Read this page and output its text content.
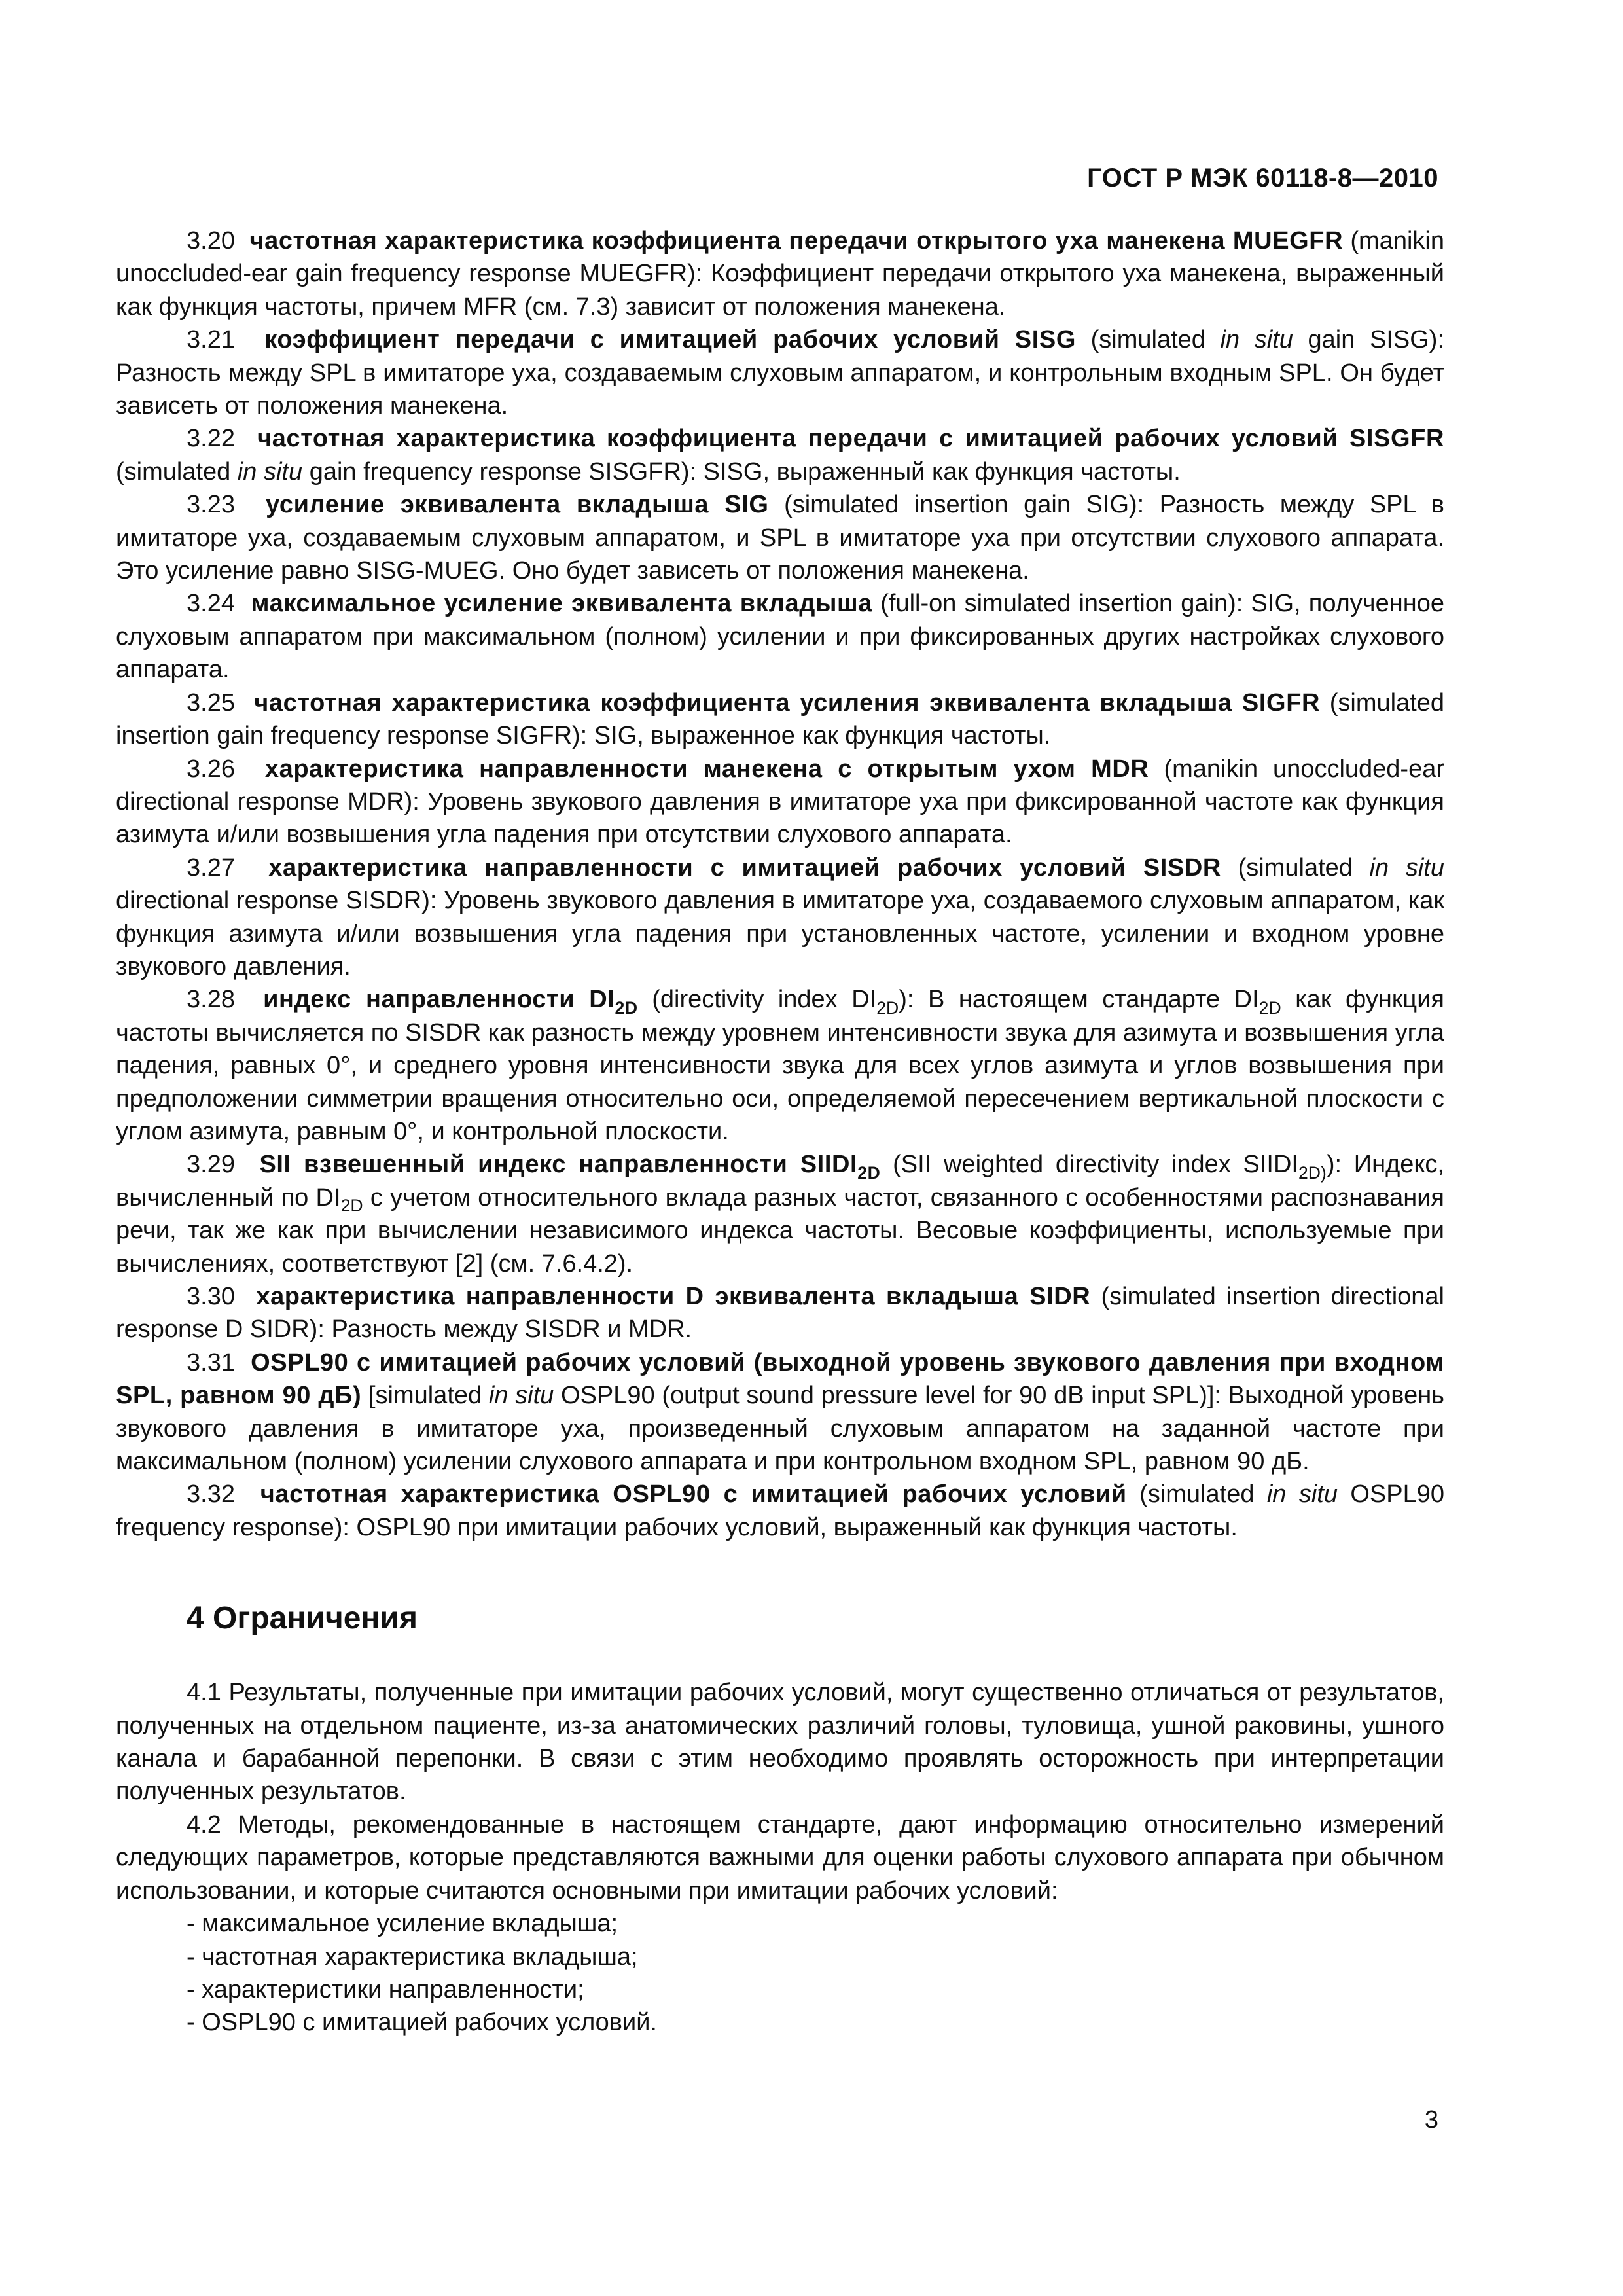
ГОСТ Р МЭК 60118-8—2010

3.20 частотная характеристика коэффициента передачи открытого уха манекена MUEGFR (manikin unoccluded-ear gain frequency response MUEGFR): Коэффициент передачи открытого уха манекена, выраженный как функция частоты, причем MFR (см. 7.3) зависит от положения манекена.

3.21 коэффициент передачи с имитацией рабочих условий SISG (simulated in situ gain SISG): Разность между SPL в имитаторе уха, создаваемым слуховым аппаратом, и контрольным входным SPL. Он будет зависеть от положения манекена.

3.22 частотная характеристика коэффициента передачи с имитацией рабочих условий SISGFR (simulated in situ gain frequency response SISGFR): SISG, выраженный как функция частоты.

3.23 усиление эквивалента вкладыша SIG (simulated insertion gain SIG): Разность между SPL в имитаторе уха, создаваемым слуховым аппаратом, и SPL в имитаторе уха при отсутствии слухового аппарата. Это усиление равно SISG-MUEG. Оно будет зависеть от положения манекена.

3.24 максимальное усиление эквивалента вкладыша (full-on simulated insertion gain): SIG, полученное слуховым аппаратом при максимальном (полном) усилении и при фиксированных других настройках слухового аппарата.

3.25 частотная характеристика коэффициента усиления эквивалента вкладыша SIGFR (simulated insertion gain frequency response SIGFR): SIG, выраженное как функция частоты.

3.26 характеристика направленности манекена с открытым ухом MDR (manikin unoccluded-ear directional response MDR): Уровень звукового давления в имитаторе уха при фиксированной частоте как функция азимута и/или возвышения угла падения при отсутствии слухового аппарата.

3.27 характеристика направленности с имитацией рабочих условий SISDR (simulated in situ directional response SISDR): Уровень звукового давления в имитаторе уха, создаваемого слуховым аппаратом, как функция азимута и/или возвышения угла падения при установленных частоте, усилении и входном уровне звукового давления.

3.28 индекс направленности $DI_{2D}$ (directivity index $DI_{2D}$): В настоящем стандарте $DI_{2D}$ как функция частоты вычисляется по SISDR как разность между уровнем интенсивности звука для азимута и возвышения угла падения, равных 0°, и среднего уровня интенсивности звука для всех углов азимута и углов возвышения при предположении симметрии вращения относительно оси, определяемой пересечением вертикальной плоскости с углом азимута, равным 0°, и контрольной плоскости.

3.29 SII взвешенный индекс направленности $SIIDI_{2D}$ (SII weighted directivity index $SIIDI_{2D)}$): Индекс, вычисленный по $DI_{2D}$ с учетом относительного вклада разных частот, связанного с особенностями распознавания речи, так же как при вычислении независимого индекса частоты. Весовые коэффициенты, используемые при вычислениях, соответствуют [2] (см. 7.6.4.2).

3.30 характеристика направленности D эквивалента вкладыша SIDR (simulated insertion directional response D SIDR): Разность между SISDR и MDR.

3.31 OSPL90 с имитацией рабочих условий (выходной уровень звукового давления при входном SPL, равном 90 дБ) [simulated in situ OSPL90 (output sound pressure level for 90 dB input SPL)]: Выходной уровень звукового давления в имитаторе уха, произведенный слуховым аппаратом на заданной частоте при максимальном (полном) усилении слухового аппарата и при контрольном входном SPL, равном 90 дБ.

3.32 частотная характеристика OSPL90 с имитацией рабочих условий (simulated in situ OSPL90 frequency response): OSPL90 при имитации рабочих условий, выраженный как функция частоты.

4 Ограничения

4.1 Результаты, полученные при имитации рабочих условий, могут существенно отличаться от результатов, полученных на отдельном пациенте, из-за анатомических различий головы, туловища, ушной раковины, ушного канала и барабанной перепонки. В связи с этим необходимо проявлять осторожность при интерпретации полученных результатов.

4.2 Методы, рекомендованные в настоящем стандарте, дают информацию относительно измерений следующих параметров, которые представляются важными для оценки работы слухового аппарата при обычном использовании, и которые считаются основными при имитации рабочих условий:

- максимальное усиление вкладыша;
- частотная характеристика вкладыша;
- характеристики направленности;
- OSPL90 с имитацией рабочих условий.
3
